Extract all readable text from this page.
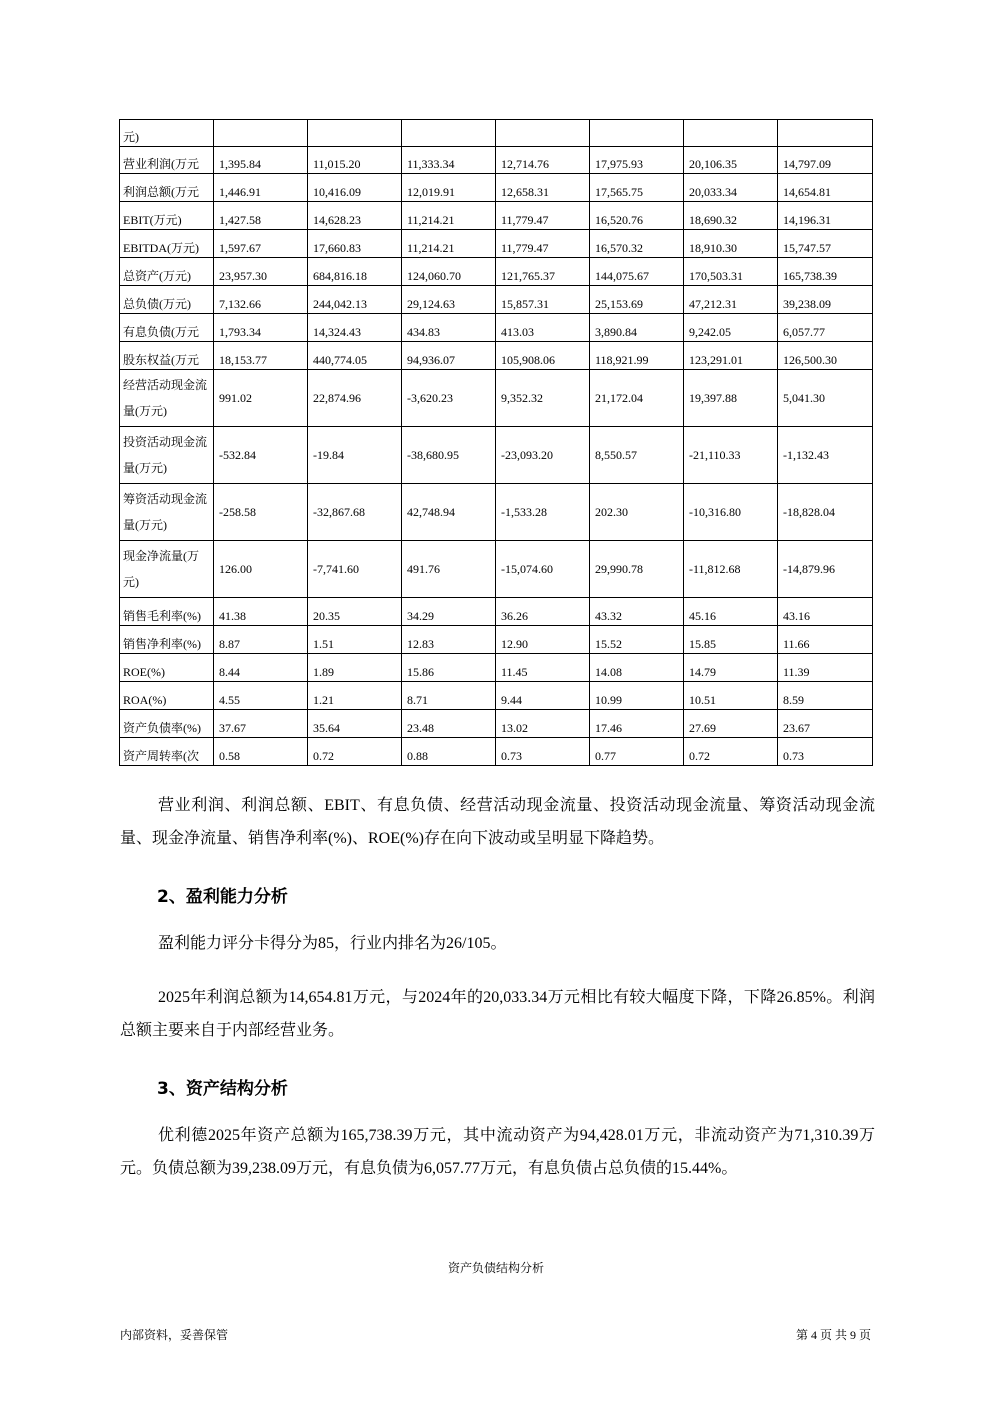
元)							
营业利润(万元	1,395.84	11,015.20	11,333.34	12,714.76	17,975.93	20,106.35	14,797.09
利润总额(万元	1,446.91	10,416.09	12,019.91	12,658.31	17,565.75	20,033.34	14,654.81
EBIT(万元)	1,427.58	14,628.23	11,214.21	11,779.47	16,520.76	18,690.32	14,196.31
EBITDA(万元)	1,597.67	17,660.83	11,214.21	11,779.47	16,570.32	18,910.30	15,747.57
总资产(万元)	23,957.30	684,816.18	124,060.70	121,765.37	144,075.67	170,503.31	165,738.39
总负债(万元)	7,132.66	244,042.13	29,124.63	15,857.31	25,153.69	47,212.31	39,238.09
有息负债(万元	1,793.34	14,324.43	434.83	413.03	3,890.84	9,242.05	6,057.77
股东权益(万元	18,153.77	440,774.05	94,936.07	105,908.06	118,921.99	123,291.01	126,500.30
经营活动现金流量(万元)	991.02	22,874.96	-3,620.23	9,352.32	21,172.04	19,397.88	5,041.30
投资活动现金流量(万元)	-532.84	-19.84	-38,680.95	-23,093.20	8,550.57	-21,110.33	-1,132.43
筹资活动现金流量(万元)	-258.58	-32,867.68	42,748.94	-1,533.28	202.30	-10,316.80	-18,828.04
现金净流量(万元)	126.00	-7,741.60	491.76	-15,074.60	29,990.78	-11,812.68	-14,879.96
销售毛利率(%)	41.38	20.35	34.29	36.26	43.32	45.16	43.16
销售净利率(%)	8.87	1.51	12.83	12.90	15.52	15.85	11.66
ROE(%)	8.44	1.89	15.86	11.45	14.08	14.79	11.39
ROA(%)	4.55	1.21	8.71	9.44	10.99	10.51	8.59
资产负债率(%)	37.67	35.64	23.48	13.02	17.46	27.69	23.67
资产周转率(次	0.58	0.72	0.88	0.73	0.77	0.72	0.73

营业利润、利润总额、EBIT、有息负债、经营活动现金流量、投资活动现金流量、筹资活动现金流量、现金净流量、销售净利率(%)、ROE(%)存在向下波动或呈明显下降趋势。

2、盈利能力分析

盈利能力评分卡得分为85，行业内排名为26/105。

2025年利润总额为14,654.81万元，与2024年的20,033.34万元相比有较大幅度下降，下降26.85%。利润总额主要来自于内部经营业务。

3、资产结构分析

优利德2025年资产总额为165,738.39万元，其中流动资产为94,428.01万元，非流动资产为71,310.39万元。负债总额为39,238.09万元，有息负债为6,057.77万元，有息负债占总负债的15.44%。

资产负债结构分析
内部资料，妥善保管	第 4 页 共 9 页
